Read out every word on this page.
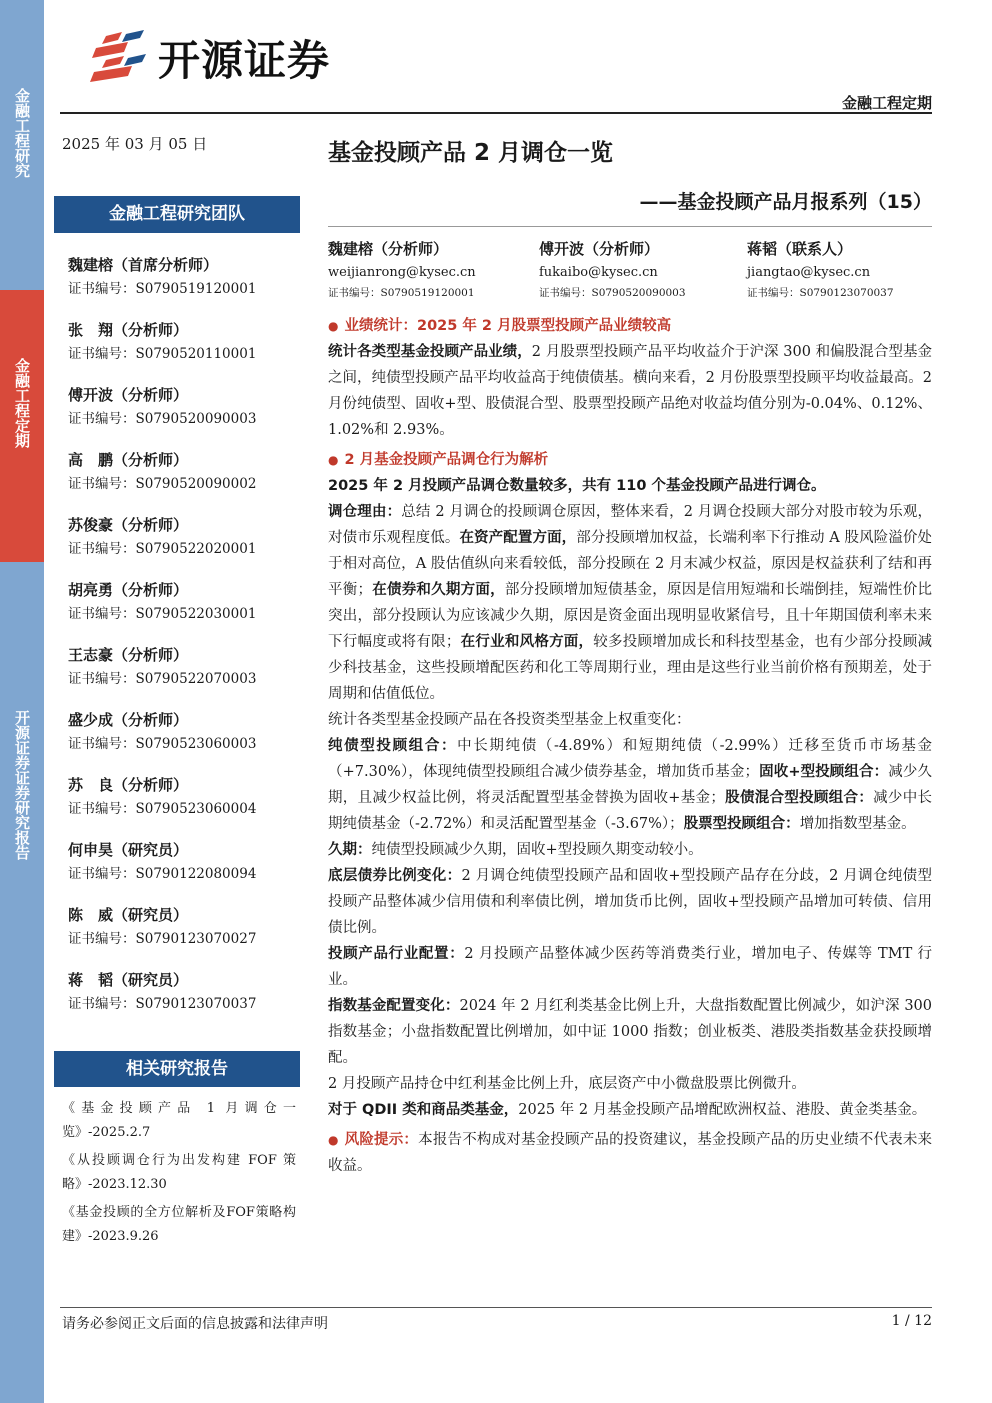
金融工程研究
金融工程定期
开源证券证券研究报告
开源证券
金融工程定期
2025 年 03 月 05 日	基金投顾产品 2 月调仓一览
——基金投顾产品月报系列（15）
金融工程研究团队
魏建榕（首席分析师）
证书编号：S0790519120001
张　翔（分析师）
证书编号：S0790520110001
傅开波（分析师）
证书编号：S0790520090003
高　鹏（分析师）
证书编号：S0790520090002
苏俊豪（分析师）
证书编号：S0790522020001
胡亮勇（分析师）
证书编号：S0790522030001
王志豪（分析师）
证书编号：S0790522070003
盛少成（分析师）
证书编号：S0790523060003
苏　良（分析师）
证书编号：S0790523060004
何申昊（研究员）
证书编号：S0790122080094
陈　威（研究员）
证书编号：S0790123070027
蒋　韬（研究员）
证书编号：S0790123070037
相关研究报告
《基金投顾产品 1 月调仓一览》-2025.2.7
《从投顾调仓行为出发构建 FOF 策略》-2023.12.30
《基金投顾的全方位解析及FOF策略构建》-2023.9.26
魏建榕（分析师）
weijianrong@kysec.cn
证书编号：S0790519120001
傅开波（分析师）
fukaibo@kysec.cn
证书编号：S0790520090003
蒋韬（联系人）
jiangtao@kysec.cn
证书编号：S0790123070037

● 业绩统计：2025 年 2 月股票型投顾产品业绩较高

统计各类型基金投顾产品业绩，2 月股票型投顾产品平均收益介于沪深 300 和偏股混合型基金之间，纯债型投顾产品平均收益高于纯债债基。横向来看，2 月份股票型投顾平均收益最高。2 月份纯债型、固收+型、股债混合型、股票型投顾产品绝对收益均值分别为-0.04%、0.12%、1.02%和 2.93%。

● 2 月基金投顾产品调仓行为解析

2025 年 2 月投顾产品调仓数量较多，共有 110 个基金投顾产品进行调仓。

调仓理由：总结 2 月调仓的投顾调仓原因，整体来看，2 月调仓投顾大部分对股市较为乐观，对债市乐观程度低。在资产配置方面，部分投顾增加权益，长端利率下行推动 A 股风险溢价处于相对高位，A 股估值纵向来看较低，部分投顾在 2 月末减少权益，原因是权益获利了结和再平衡；在债券和久期方面，部分投顾增加短债基金，原因是信用短端和长端倒挂，短端性价比突出，部分投顾认为应该减少久期，原因是资金面出现明显收紧信号，且十年期国债利率未来下行幅度或将有限；在行业和风格方面，较多投顾增加成长和科技型基金，也有少部分投顾减少科技基金，这些投顾增配医药和化工等周期行业，理由是这些行业当前价格有预期差，处于周期和估值低位。

统计各类型基金投顾产品在各投资类型基金上权重变化：

纯债型投顾组合：中长期纯债（-4.89%）和短期纯债（-2.99%）迁移至货币市场基金（+7.30%），体现纯债型投顾组合减少债券基金，增加货币基金；固收+型投顾组合：减少久期，且减少权益比例，将灵活配置型基金替换为固收+基金；股债混合型投顾组合：减少中长期纯债基金（-2.72%）和灵活配置型基金（-3.67%）；股票型投顾组合：增加指数型基金。

久期：纯债型投顾减少久期，固收+型投顾久期变动较小。

底层债券比例变化：2 月调仓纯债型投顾产品和固收+型投顾产品存在分歧，2 月调仓纯债型投顾产品整体减少信用债和利率债比例，增加货币比例，固收+型投顾产品增加可转债、信用债比例。

投顾产品行业配置：2 月投顾产品整体减少医药等消费类行业，增加电子、传媒等 TMT 行业。

指数基金配置变化：2024 年 2 月红利类基金比例上升，大盘指数配置比例减少，如沪深 300 指数基金；小盘指数配置比例增加，如中证 1000 指数；创业板类、港股类指数基金获投顾增配。

2 月投顾产品持仓中红利基金比例上升，底层资产中小微盘股票比例微升。

对于 QDII 类和商品类基金，2025 年 2 月基金投顾产品增配欧洲权益、港股、黄金类基金。

● 风险提示：本报告不构成对基金投顾产品的投资建议，基金投顾产品的历史业绩不代表未来收益。

请务必参阅正文后面的信息披露和法律声明	1 / 12
